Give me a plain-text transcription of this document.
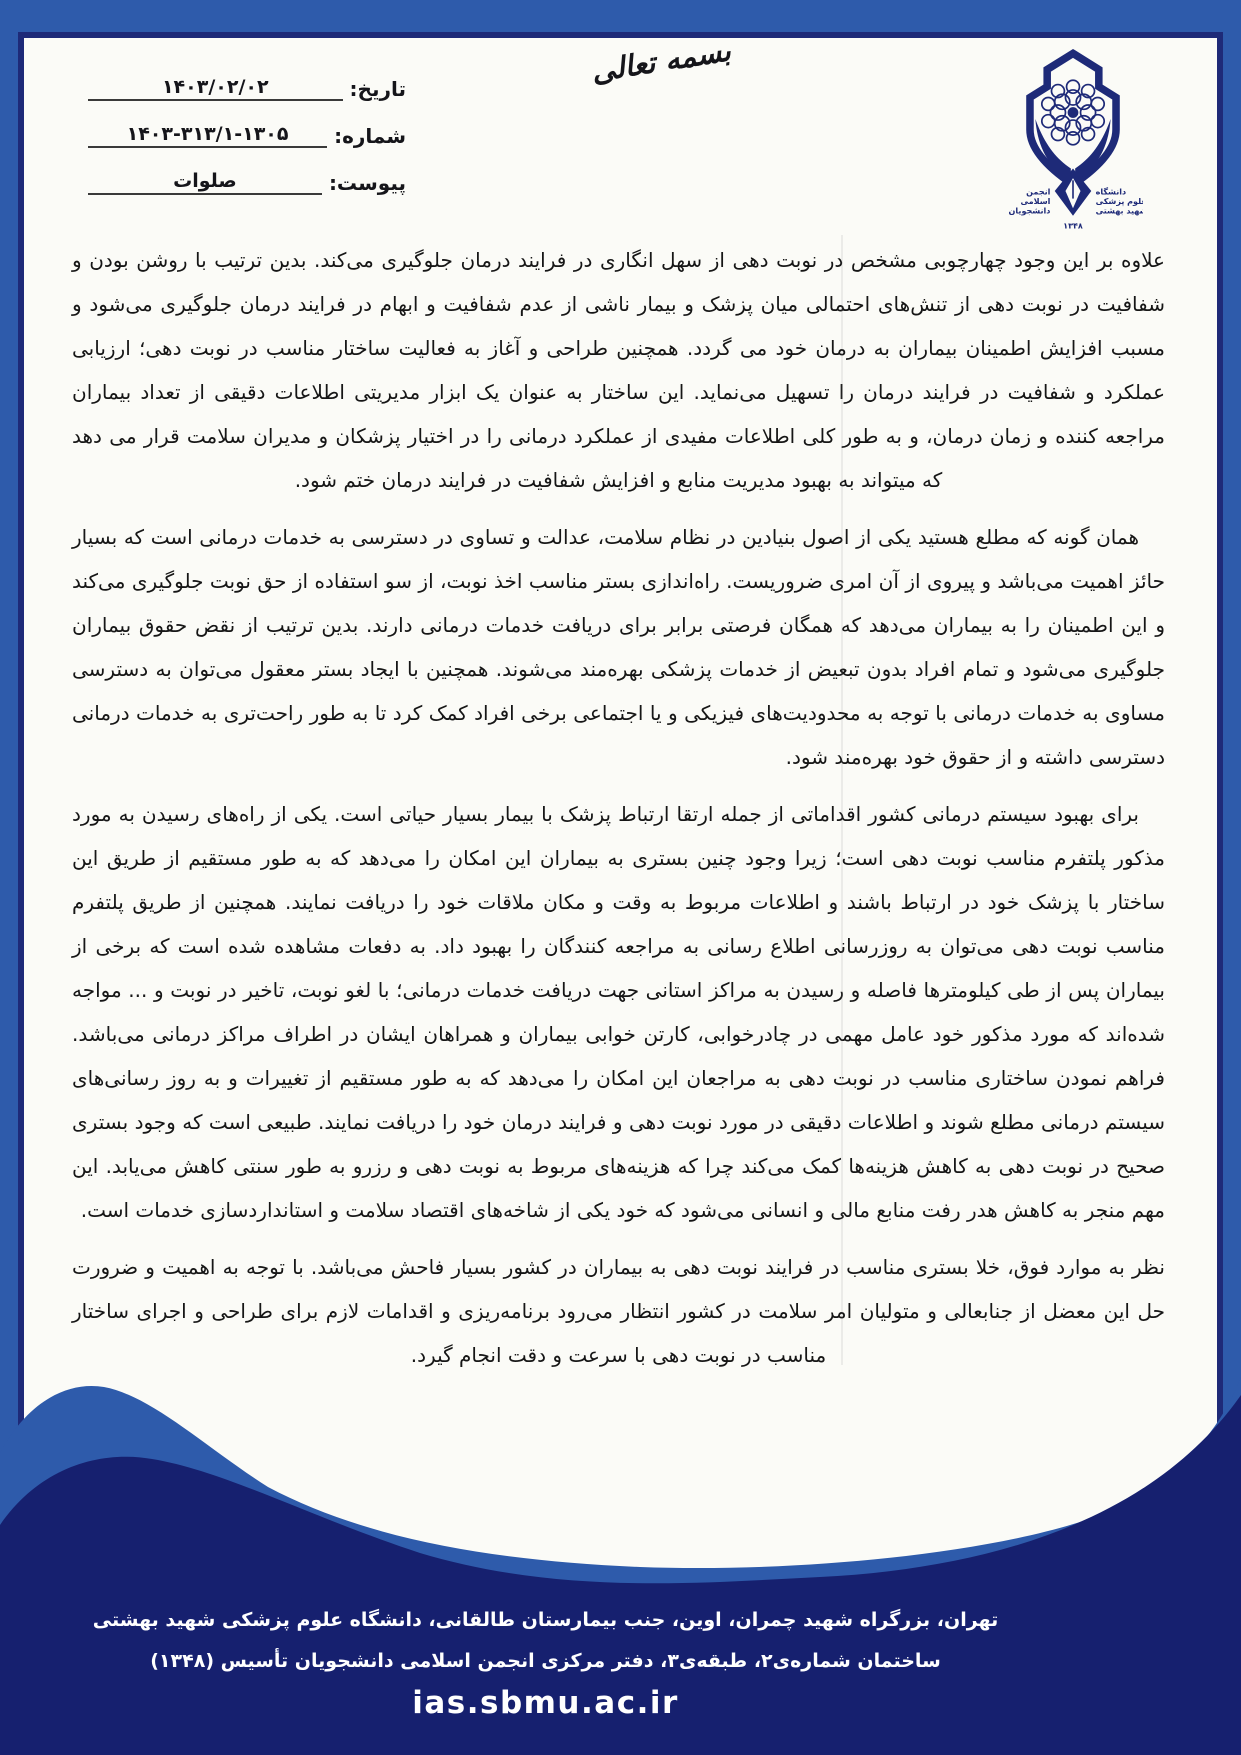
بسمه تعالی
تاریخ:
۱۴۰۳/۰۲/۰۲
شماره:
۱۴۰۳-۳۱۳/۱-۱۳۰۵
پیوست:
صلوات	انجمن
اسلامی
دانشجویان
دانشگاه
علوم پزشکی
شهید بهشتی
۱۳۴۸

علاوه بر این وجود چهارچوبی مشخص در نوبت دهی از سهل انگاری در فرایند درمان جلوگیری می‌کند. بدین ترتیب با روشن بودن و شفافیت در نوبت دهی از تنش‌های احتمالی میان پزشک و بیمار ناشی از عدم شفافیت و ابهام در فرایند درمان جلوگیری می‌شود و مسبب افزایش اطمینان بیماران به درمان خود می گردد. همچنین طراحی و آغاز به فعالیت ساختار مناسب در نوبت دهی؛ ارزیابی عملکرد و شفافیت در فرایند درمان را تسهیل می‌نماید. این ساختار به عنوان یک ابزار مدیریتی اطلاعات دقیقی از تعداد بیماران مراجعه کننده و زمان درمان، و به طور کلی اطلاعات مفیدی از عملکرد درمانی را در اختیار پزشکان و مدیران سلامت قرار می دهد که میتواند به بهبود مدیریت منابع و افزایش شفافیت در فرایند درمان ختم شود.

همان گونه که مطلع هستید یکی از اصول بنیادین در نظام سلامت، عدالت و تساوی در دسترسی به خدمات درمانی است که بسیار حائز اهمیت می‌باشد و پیروی از آن امری ضروریست. راه‌اندازی بستر مناسب اخذ نوبت، از سو استفاده از حق نوبت جلوگیری می‌کند و این اطمینان را به بیماران می‌دهد که همگان فرصتی برابر برای دریافت خدمات درمانی دارند. بدین ترتیب از نقض حقوق بیماران جلوگیری می‌شود و تمام افراد بدون تبعیض از خدمات پزشکی بهره‌مند می‌شوند. همچنین با ایجاد بستر معقول می‌توان به دسترسی مساوی به خدمات درمانی با توجه به محدودیت‌های فیزیکی و یا اجتماعی برخی افراد کمک کرد تا به طور راحت‌تری به خدمات درمانی دسترسی داشته و از حقوق خود بهره‌مند شود.

برای بهبود سیستم درمانی کشور اقداماتی از جمله ارتقا ارتباط پزشک با بیمار بسیار حیاتی است. یکی از راه‌های رسیدن به مورد مذکور پلتفرم مناسب نوبت دهی است؛ زیرا وجود چنین بستری به بیماران این امکان را می‌دهد که به طور مستقیم از طریق این ساختار با پزشک خود در ارتباط باشند و اطلاعات مربوط به وقت و مکان ملاقات خود را دریافت نمایند. همچنین از طریق پلتفرم مناسب نوبت دهی می‌توان به روزرسانی اطلاع رسانی به مراجعه کنندگان را بهبود داد. به دفعات مشاهده شده است که برخی از بیماران پس از طی کیلومترها فاصله و رسیدن به مراکز استانی جهت دریافت خدمات درمانی؛ با لغو نوبت، تاخیر در نوبت و ... مواجه شده‌اند که مورد مذکور خود عامل مهمی در چادرخوابی، کارتن خوابی بیماران و همراهان ایشان در اطراف مراکز درمانی می‌باشد. فراهم نمودن ساختاری مناسب در نوبت دهی به مراجعان این امکان را می‌دهد که به طور مستقیم از تغییرات و به روز رسانی‌های سیستم درمانی مطلع شوند و اطلاعات دقیقی در مورد نوبت دهی و فرایند درمان خود را دریافت نمایند. طبیعی است که وجود بستری صحیح در نوبت دهی به کاهش هزینه‌ها کمک می‌کند چرا که هزینه‌های مربوط به نوبت دهی و رزرو به طور سنتی کاهش می‌یابد. این مهم منجر به کاهش هدر رفت منابع مالی و انسانی می‌شود که خود یکی از شاخه‌های اقتصاد سلامت و استانداردسازی خدمات است.

نظر به موارد فوق، خلا بستری مناسب در فرایند نوبت دهی به بیماران در کشور بسیار فاحش می‌باشد. با توجه به اهمیت و ضرورت حل این معضل از جنابعالی و متولیان امر سلامت در کشور انتظار می‌رود برنامه‌ریزی و اقدامات لازم برای طراحی و اجرای ساختار مناسب در نوبت دهی با سرعت و دقت انجام گیرد.

تهران، بزرگراه شهید چمران، اوین، جنب بیمارستان طالقانی، دانشگاه علوم پزشکی شهید بهشتی
ساختمان شماره‌ی۲، طبقه‌ی۳، دفتر مرکزی انجمن اسلامی دانشجویان تأسیس (۱۳۴۸)
ias.sbmu.ac.ir
